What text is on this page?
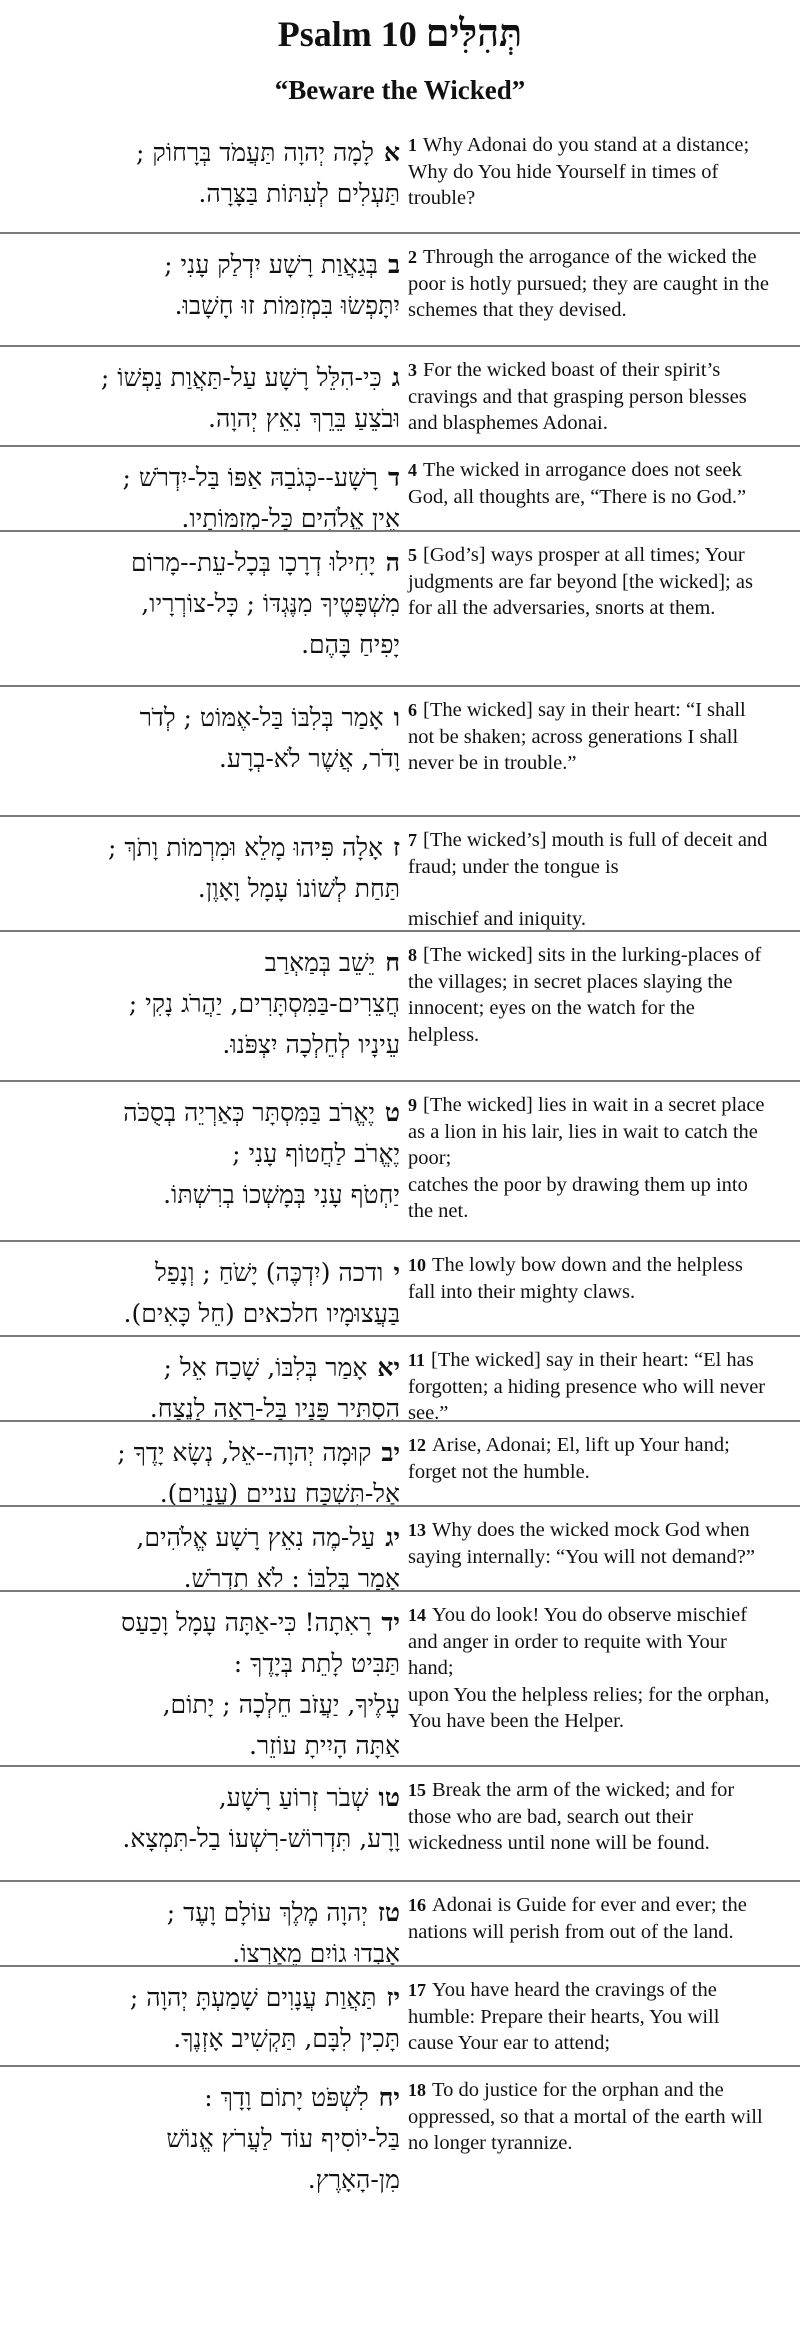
Psalm 10 תְּהִלִּים
“Beware the Wicked”
אלָמָה יְהוָה תַּעֲמֹד בְּרָחוֹק ;
תַּעְלִים לְעִתּוֹת בַּצָּרָה.
1 Why Adonai do you stand at a distance; Why do You hide Yourself in times of trouble?
בבְּגַאֲוַת רָשָׁע יִדְלַק עָנִי ;
יִתָּפְשׂוּ בִּמְזִמּוֹת זוּ חָשָׁבוּ.
2 Through the arrogance of the wicked the poor is hotly pursued; they are caught in the schemes that they devised.
גכִּי-הִלֵּל רָשָׁע עַל-תַּאֲוַת נַפְשׁוֹ ;
וּבֹצֵעַ בֵּרֵךְ נִאֵץ יְהוָה.
3 For the wicked boast of their spirit’s cravings and that grasping person blesses and blasphemes Adonai.
דרָשָׁע--כְּגֹבַהּ אַפּוֹ בַּל-יִדְרֹשׁ ;
אֵין אֱלֹהִים כָּל-מְזִמּוֹתָיו.
4 The wicked in arrogance does not seek God, all thoughts are, “There is no God.”
היָחִילוּ דְרָכָו בְּכָל-עֵת--מָרוֹם
מִשְׁפָּטֶיךָ מִנֶּגְדּוֹ ; כָּל-צוֹרְרָיו,
יָפִיחַ בָּהֶם.
5 [God’s] ways prosper at all times; Your judgments are far beyond [the wicked]; as for all the adversaries, snorts at them.
ואָמַר בְּלִבּוֹ בַּל-אֶמּוֹט ; לְדֹר
וָדֹר, אֲשֶׁר לֹא-בְרָע.
6 [The wicked] say in their heart: “I shall not be shaken; across generations I shall never be in trouble.”
זאָלָה פִּיהוּ מָלֵא וּמִרְמוֹת וָתֹךְ ;
תַּחַת לְשׁוֹנוֹ עָמָל וָאָוֶן.
7 [The wicked’s] mouth is full of deceit and fraud; under the tongue is
mischief and iniquity.
חיֵשֵׁב בְּמַאְרַב
חֲצֵרִים-בַּמִּסְתָּרִים, יַהֲרֹג נָקִי ;
עֵינָיו לְחֵלְכָה יִצְפֹּנוּ.
8 [The wicked] sits in the lurking-places of the villages; in secret places slaying the innocent; eyes on the watch for the helpless.
טיֶאֱרֹב בַּמִּסְתָּר כְּאַרְיֵה בְסֻכֹּה
יֶאֱרֹב לַחֲטוֹף עָנִי ;
יַחְטֹף עָנִי בְּמָשְׁכוֹ בְרִשְׁתּוֹ.
9 [The wicked] lies in wait in a secret place as a lion in his lair, lies in wait to catch the poor;
catches the poor by drawing them up into the net.
יודכה (יִדְכֶּה) יָשֹׁחַ ; וְנָפַל
בַּעֲצוּמָיו חלכאים (חֵל כָּאִים).
10 The lowly bow down and the helpless fall into their mighty claws.
יאאָמַר בְּלִבּוֹ, שָׁכַח אֵל ;
הִסְתִּיר פָּנָיו בַּל-רָאָה לָנֶצַח.
11 [The wicked] say in their heart: “El has forgotten; a hiding presence who will never see.”
יבקוּמָה יְהוָה--אֵל, נְשָׂא יָדֶךָ ;
אַל-תִּשְׁכַּח עניים (עֲנָוִים).
12 Arise, Adonai; El, lift up Your hand; forget not the humble.
יגעַל-מֶה נִאֵץ רָשָׁע אֱלֹהִים,
אָמַר בְּלִבּוֹ : לֹא תִדְרֹשׁ.
13 Why does the wicked mock God when saying internally: “You will not demand?”
ידרָאִתָה! כִּי-אַתָּה עָמָל וָכַעַס
תַּבִּיט לָתֵת בְּיָדֶךָ :
עָלֶיךָ, יַעֲזֹב חֵלְכָה ; יָתוֹם,
אַתָּה הָיִיתָ עוֹזֵר.
14 You do look! You do observe mischief and anger in order to requite with Your hand;
upon You the helpless relies; for the orphan, You have been the Helper.
טושְׁבֹר זְרוֹעַ רָשָׁע,
וָרָע, תִּדְרוֹשׁ-רִשְׁעוֹ בַל-תִּמְצָא.
15 Break the arm of the wicked; and for those who are bad, search out their wickedness until none will be found.
טזיְהוָה מֶלֶךְ עוֹלָם וָעֶד ;
אָבְדוּ גוֹיִם מֵאַרְצוֹ.
16 Adonai is Guide for ever and ever; the nations will perish from out of the land.
יזתַּאֲוַת עֲנָוִים שָׁמַעְתָּ יְהוָה ;
תָּכִין לִבָּם, תַּקְשִׁיב אָזְנֶךָ.
17 You have heard the cravings of the humble: Prepare their hearts, You will cause Your ear to attend;
יחלִשְׁפֹּט יָתוֹם וָדָךְ :
בַּל-יוֹסִיף עוֹד לַעֲרֹץ אֱנוֹשׁ
מִן-הָאָרֶץ.
18 To do justice for the orphan and the oppressed, so that a mortal of the earth will no longer tyrannize.
